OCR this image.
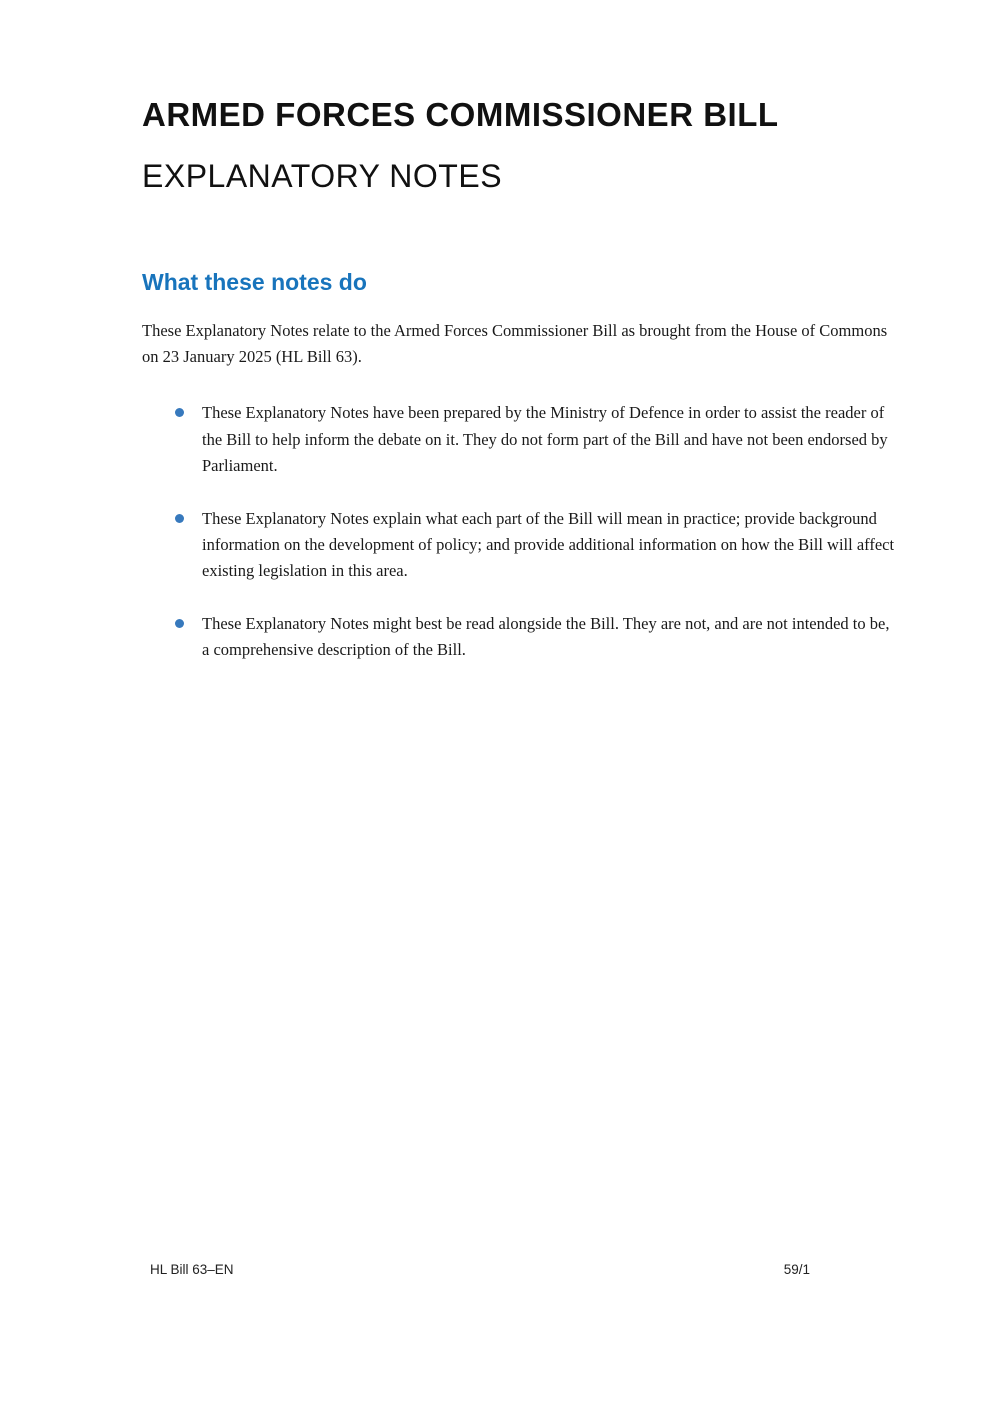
ARMED FORCES COMMISSIONER BILL
EXPLANATORY NOTES
What these notes do

These Explanatory Notes relate to the Armed Forces Commissioner Bill as brought from the House of Commons on 23 January 2025 (HL Bill 63).

These Explanatory Notes have been prepared by the Ministry of Defence in order to assist the reader of the Bill to help inform the debate on it. They do not form part of the Bill and have not been endorsed by Parliament.
These Explanatory Notes explain what each part of the Bill will mean in practice; provide background information on the development of policy; and provide additional information on how the Bill will affect existing legislation in this area.
These Explanatory Notes might best be read alongside the Bill. They are not, and are not intended to be, a comprehensive description of the Bill.
HL Bill 63–EN	59/1
